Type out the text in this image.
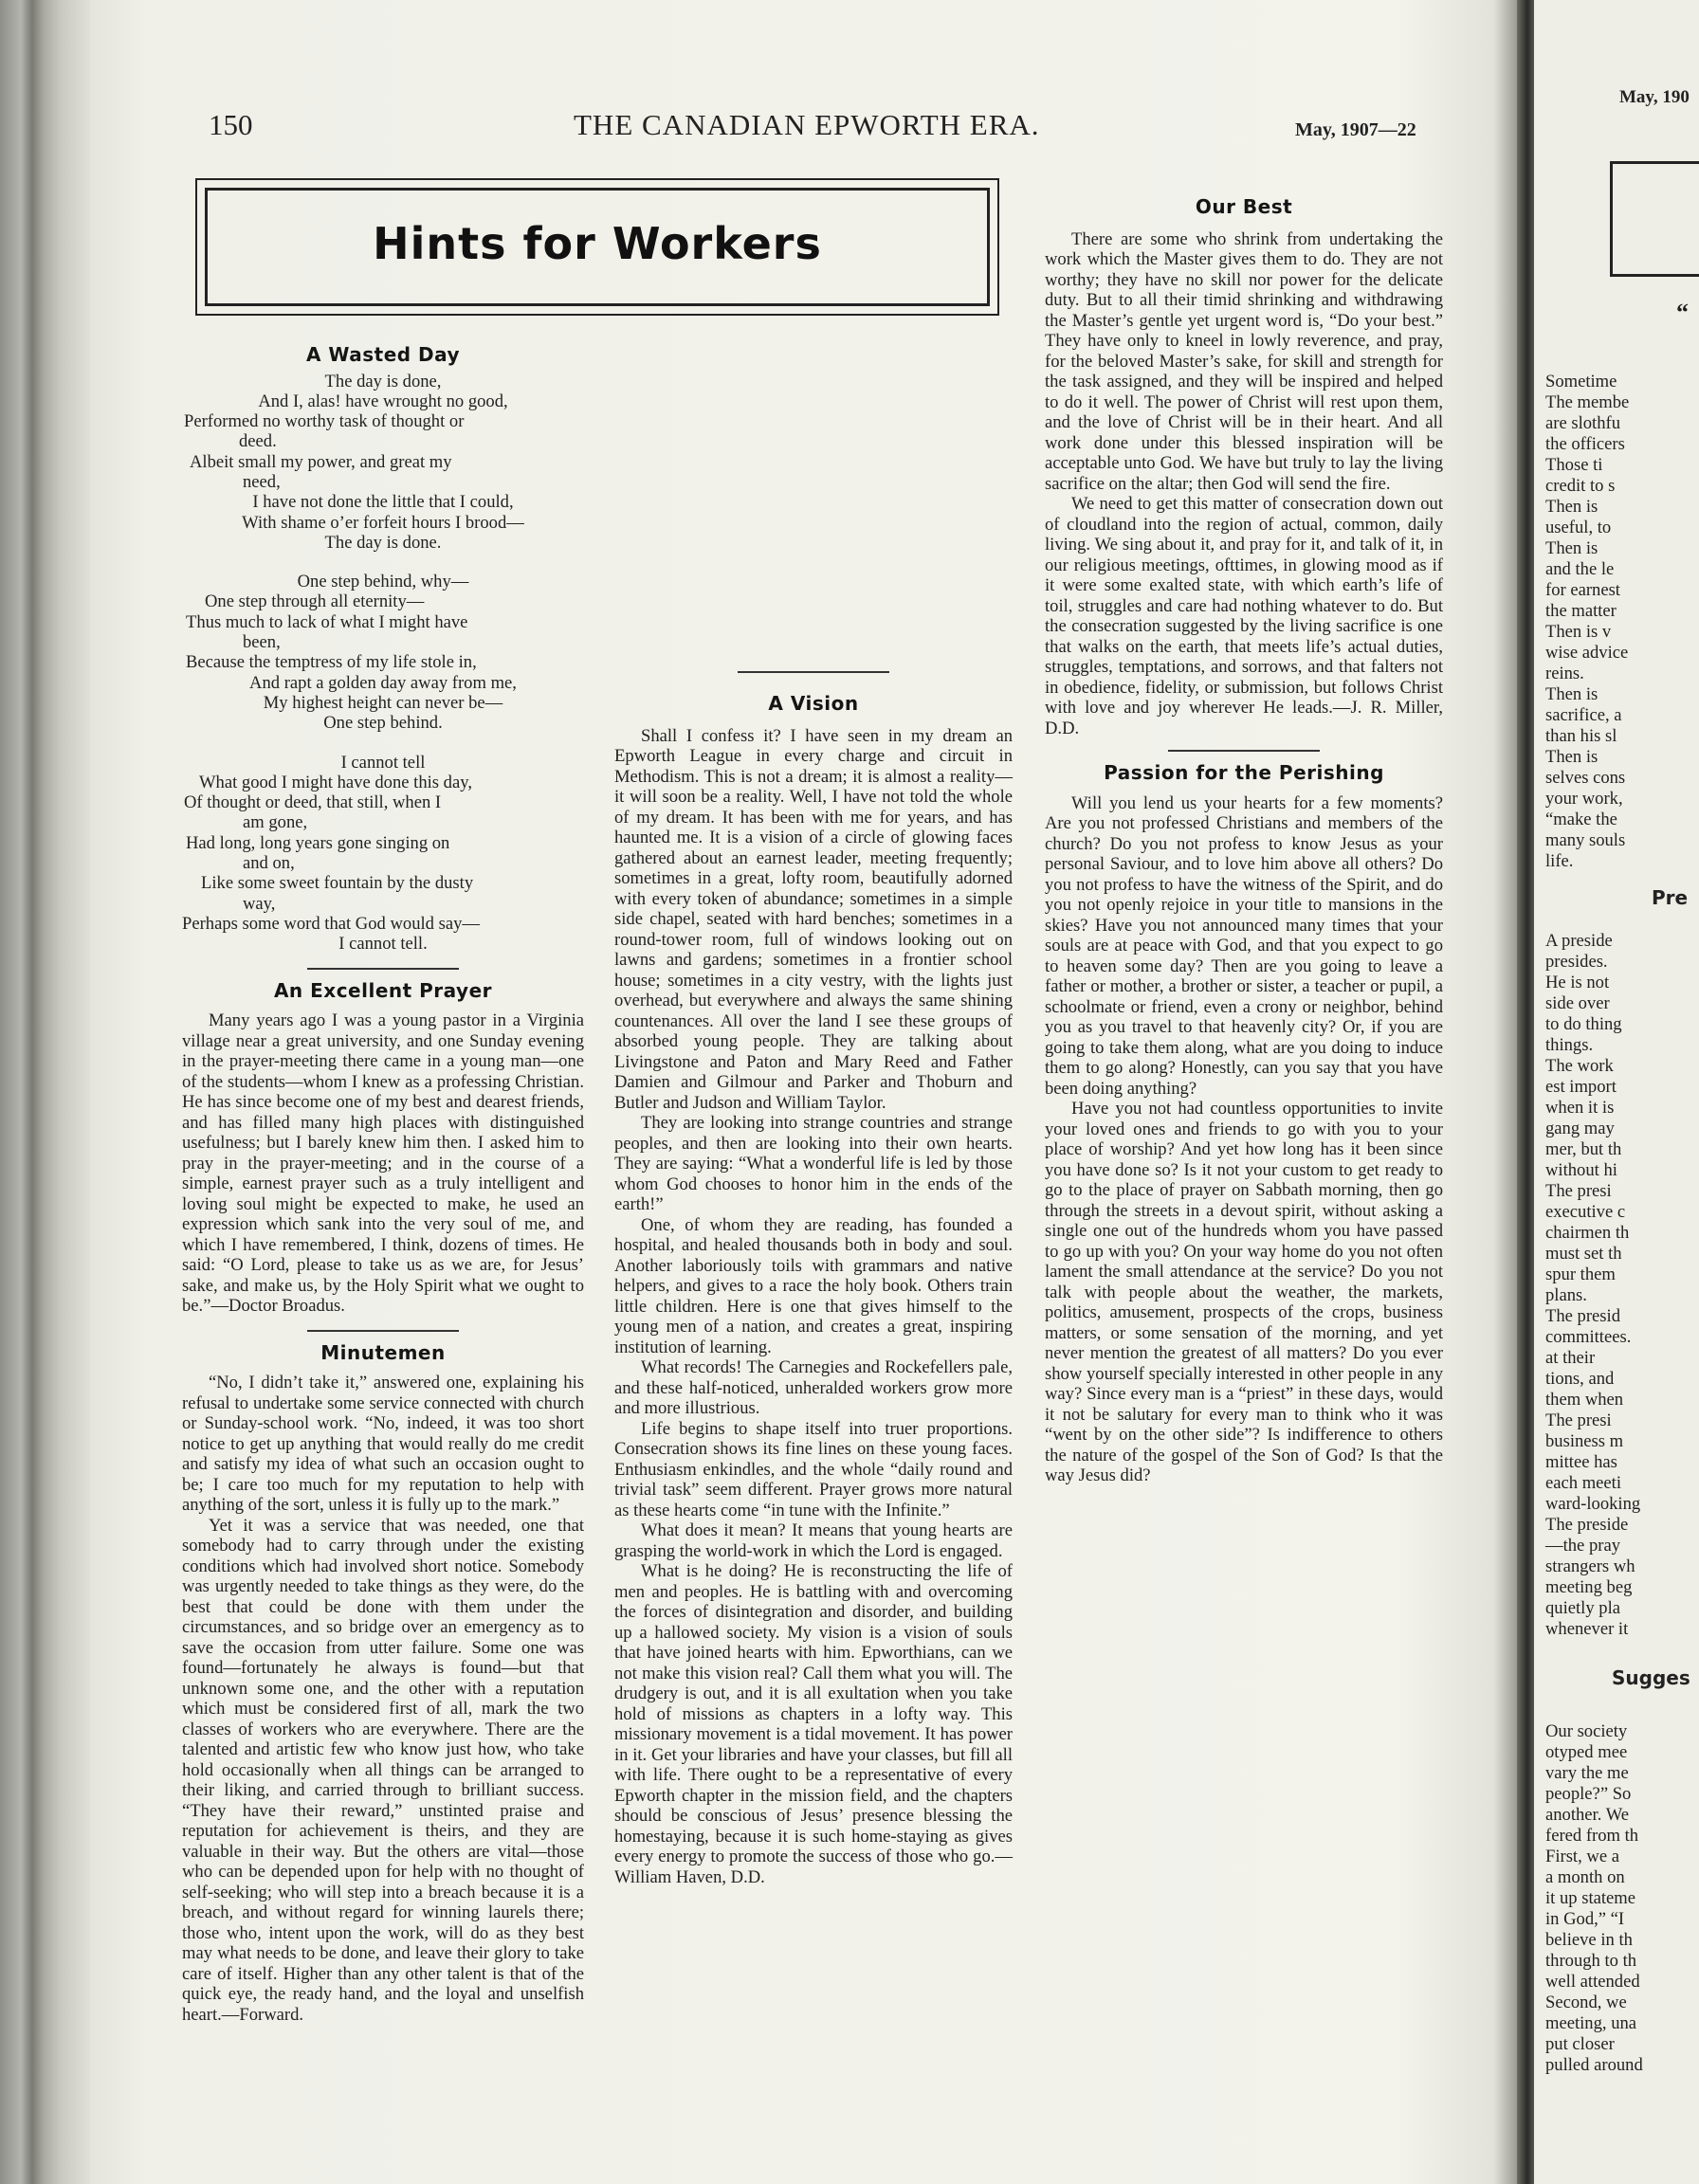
May, 190
“
Sometime
The membe
are slothfu
the officers
Those ti
credit to s
Then is
useful, to
Then is
and the le
for earnest
the matter
Then is v
wise advice
reins.
Then is
sacrifice, a
than his sl
Then is
selves cons
your work,
“make the
many souls
life.
A preside
presides.
He is not
side over
to do thing
things.
The work
est import
when it is
gang may
mer, but th
without hi
The presi
executive c
chairmen th
must set th
spur them
plans.
The presid
committees.
at their
tions, and
them when
The presi
business m
mittee has
each meeti
ward-looking
The preside
—the pray
strangers wh
meeting beg
quietly pla
whenever it
Our society
otyped mee
vary the me
people?” So
another. We
fered from th
First, we a
a month on
it up stateme
in God,” “I
believe in th
through to th
well attended
Second, we
meeting, una
put closer
pulled around
Pre
Sugges
150	THE CANADIAN EPWORTH ERA.	May, 1907—22
Hints for Workers
A Wasted Day
The day is done,
And I, alas! have wrought no good,
Performed no worthy task of thought or
deed.
Albeit small my power, and great my
need,
I have not done the little that I could,
With shame o’er forfeit hours I brood—
The day is done.
One step behind, why—
One step through all eternity—
Thus much to lack of what I might have
been,
Because the temptress of my life stole in,
And rapt a golden day away from me,
My highest height can never be—
One step behind.
I cannot tell
What good I might have done this day,
Of thought or deed, that still, when I
am gone,
Had long, long years gone singing on
and on,
Like some sweet fountain by the dusty
way,
Perhaps some word that God would say—
I cannot tell.
An Excellent Prayer

Many years ago I was a young pastor in a Virginia village near a great university, and one Sunday evening in the prayer-meeting there came in a young man—one of the students—whom I knew as a professing Christian. He has since become one of my best and dearest friends, and has filled many high places with distinguished usefulness; but I barely knew him then. I asked him to pray in the prayer-meeting; and in the course of a simple, earnest prayer such as a truly intelligent and loving soul might be expected to make, he used an expression which sank into the very soul of me, and which I have remembered, I think, dozens of times. He said: “O Lord, please to take us as we are, for Jesus’ sake, and make us, by the Holy Spirit what we ought to be.”—Doctor Broadus.

Minutemen

“No, I didn’t take it,” answered one, explaining his refusal to undertake some service connected with church or Sunday-school work. “No, indeed, it was too short notice to get up anything that would really do me credit and satisfy my idea of what such an occasion ought to be; I care too much for my reputation to help with anything of the sort, unless it is fully up to the mark.”

Yet it was a service that was needed, one that somebody had to carry through under the existing conditions which had involved short notice. Somebody was urgently needed to take things as they were, do the best that could be done with them under the circumstances, and so bridge over an emergency as to save the occasion from utter failure. Some one was found—fortunately he always is found—but that unknown some one, and the other with a reputation which must be considered first of all, mark the two classes of workers who are everywhere. There are the talented and artistic few who know just how, who take hold occasionally when all things can be arranged to their liking, and carried through to brilliant success. “They have their reward,” unstinted praise and reputation for achievement is theirs, and they are valuable in their way. But the others are vital—those who can be depended upon for help with no thought of self-seeking; who will step into a breach because it is a breach, and without regard for winning laurels there; those who, intent upon the work, will do as they best may what needs to be done, and leave their glory to take care of itself. Higher than any other talent is that of the quick eye, the ready hand, and the loyal and unselfish heart.—Forward.

A Vision

Shall I confess it? I have seen in my dream an Epworth League in every charge and circuit in Methodism. This is not a dream; it is almost a reality—it will soon be a reality. Well, I have not told the whole of my dream. It has been with me for years, and has haunted me. It is a vision of a circle of glowing faces gathered about an earnest leader, meeting frequently; sometimes in a great, lofty room, beautifully adorned with every token of abundance; sometimes in a simple side chapel, seated with hard benches; sometimes in a round-tower room, full of windows looking out on lawns and gardens; sometimes in a frontier school house; sometimes in a city vestry, with the lights just overhead, but everywhere and always the same shining countenances. All over the land I see these groups of absorbed young people. They are talking about Livingstone and Paton and Mary Reed and Father Damien and Gilmour and Parker and Thoburn and Butler and Judson and William Taylor.

They are looking into strange countries and strange peoples, and then are looking into their own hearts. They are saying: “What a wonderful life is led by those whom God chooses to honor him in the ends of the earth!”

One, of whom they are reading, has founded a hospital, and healed thousands both in body and soul. Another laboriously toils with grammars and native helpers, and gives to a race the holy book. Others train little children. Here is one that gives himself to the young men of a nation, and creates a great, inspiring institution of learning.

What records! The Carnegies and Rockefellers pale, and these half-noticed, unheralded workers grow more and more illustrious.

Life begins to shape itself into truer proportions. Consecration shows its fine lines on these young faces. Enthusiasm enkindles, and the whole “daily round and trivial task” seem different. Prayer grows more natural as these hearts come “in tune with the Infinite.”

What does it mean? It means that young hearts are grasping the world-work in which the Lord is engaged.

What is he doing? He is reconstructing the life of men and peoples. He is battling with and overcoming the forces of disintegration and disorder, and building up a hallowed society. My vision is a vision of souls that have joined hearts with him. Epworthians, can we not make this vision real? Call them what you will. The drudgery is out, and it is all exultation when you take hold of missions as chapters in a lofty way. This missionary movement is a tidal movement. It has power in it. Get your libraries and have your classes, but fill all with life. There ought to be a representative of every Epworth chapter in the mission field, and the chapters should be conscious of Jesus’ presence blessing the homestaying, because it is such home-staying as gives every energy to promote the success of those who go.—William Haven, D.D.

Our Best

There are some who shrink from undertaking the work which the Master gives them to do. They are not worthy; they have no skill nor power for the delicate duty. But to all their timid shrinking and withdrawing the Master’s gentle yet urgent word is, “Do your best.” They have only to kneel in lowly reverence, and pray, for the beloved Master’s sake, for skill and strength for the task assigned, and they will be inspired and helped to do it well. The power of Christ will rest upon them, and the love of Christ will be in their heart. And all work done under this blessed inspiration will be acceptable unto God. We have but truly to lay the living sacrifice on the altar; then God will send the fire.

We need to get this matter of consecration down out of cloudland into the region of actual, common, daily living. We sing about it, and pray for it, and talk of it, in our religious meetings, ofttimes, in glowing mood as if it were some exalted state, with which earth’s life of toil, struggles and care had nothing whatever to do. But the consecration suggested by the living sacrifice is one that walks on the earth, that meets life’s actual duties, struggles, temptations, and sorrows, and that falters not in obedience, fidelity, or submission, but follows Christ with love and joy wherever He leads.—J. R. Miller, D.D.

Passion for the Perishing

Will you lend us your hearts for a few moments? Are you not professed Christians and members of the church? Do you not profess to know Jesus as your personal Saviour, and to love him above all others? Do you not profess to have the witness of the Spirit, and do you not openly rejoice in your title to mansions in the skies? Have you not announced many times that your souls are at peace with God, and that you expect to go to heaven some day? Then are you going to leave a father or mother, a brother or sister, a teacher or pupil, a schoolmate or friend, even a crony or neighbor, behind you as you travel to that heavenly city? Or, if you are going to take them along, what are you doing to induce them to go along? Honestly, can you say that you have been doing anything?

Have you not had countless opportunities to invite your loved ones and friends to go with you to your place of worship? And yet how long has it been since you have done so? Is it not your custom to get ready to go to the place of prayer on Sabbath morning, then go through the streets in a devout spirit, without asking a single one out of the hundreds whom you have passed to go up with you? On your way home do you not often lament the small attendance at the service? Do you not talk with people about the weather, the markets, politics, amusement, prospects of the crops, business matters, or some sensation of the morning, and yet never mention the greatest of all matters? Do you ever show yourself specially interested in other people in any way? Since every man is a “priest” in these days, would it not be salutary for every man to think who it was “went by on the other side”? Is indifference to others the nature of the gospel of the Son of God? Is that the way Jesus did?
